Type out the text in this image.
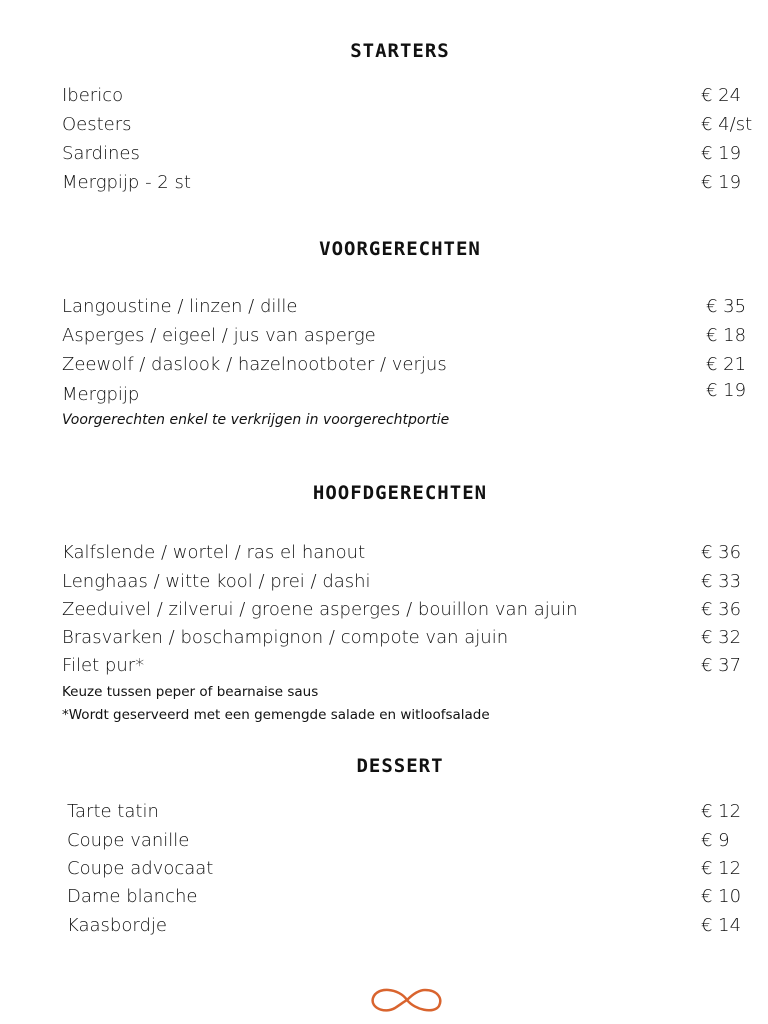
STARTERS
Iberico	€ 24
Oesters	€ 4/st
Sardines	€ 19
Mergpijp - 2 st	€ 19
VOORGERECHTEN
Langoustine / linzen / dille	€ 35
Asperges / eigeel / jus van asperge	€ 18
Zeewolf / daslook / hazelnootboter / verjus	€ 21
Mergpijp	€ 19
Voorgerechten enkel te verkrijgen in voorgerechtportie
HOOFDGERECHTEN
Kalfslende / wortel / ras el hanout	€ 36
Lenghaas / witte kool / prei / dashi	€ 33
Zeeduivel / zilverui / groene asperges / bouillon van ajuin	€ 36
Brasvarken / boschampignon / compote van ajuin	€ 32
Filet pur*	€ 37
Keuze tussen peper of bearnaise saus
*Wordt geserveerd met een gemengde salade en witloofsalade
DESSERT
Tarte tatin	€ 12
Coupe vanille	€ 9
Coupe advocaat	€ 12
Dame blanche	€ 10
Kaasbordje	€ 14
